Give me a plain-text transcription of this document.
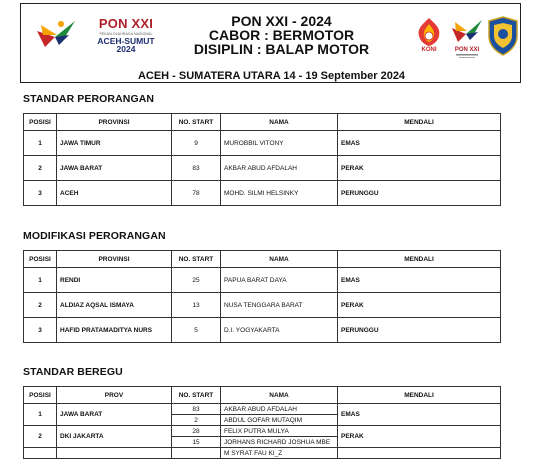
PON XXI
PEKAN OLAHRAGA NASIONAL
ACEH-SUMUT
2024
PON XXI - 2024
CABOR : BERMOTOR
DISIPLIN : BALAP MOTOR	KONI	PON XXI
ACEH - SUMATERA UTARA 14 - 19 September 2024
STANDAR PERORANGAN
POSISI	PROVINSI	NO. START	NAMA	MENDALI
1	JAWA TIMUR	9	MUROBBIL VITONY	EMAS
2	JAWA BARAT	83	AKBAR ABUD AFDALAH	PERAK
3	ACEH	78	MOHD. SILMI HELSINKY	PERUNGGU
MODIFIKASI PERORANGAN
POSISI	PROVINSI	NO. START	NAMA	MENDALI
1	RENDI	25	PAPUA BARAT DAYA	EMAS
2	ALDIAZ AQSAL ISMAYA	13	NUSA TENGGARA BARAT	PERAK
3	HAFID PRATAMADITYA NURS	5	D.I. YOGYAKARTA	PERUNGGU
STANDAR BEREGU
POSISI	PROV	NO. START	NAMA	MENDALI
1	JAWA BARAT	83	AKBAR ABUD AFDALAH	EMAS
		2	ABDUL GOFAR MUTAQIM	
2	DKI JAKARTA	28	FELIX PUTRA MULYA	PERAK
		15	JORHANS RICHARD JOSHUA MBE	
			M SYRAT FAU KI_Z	
